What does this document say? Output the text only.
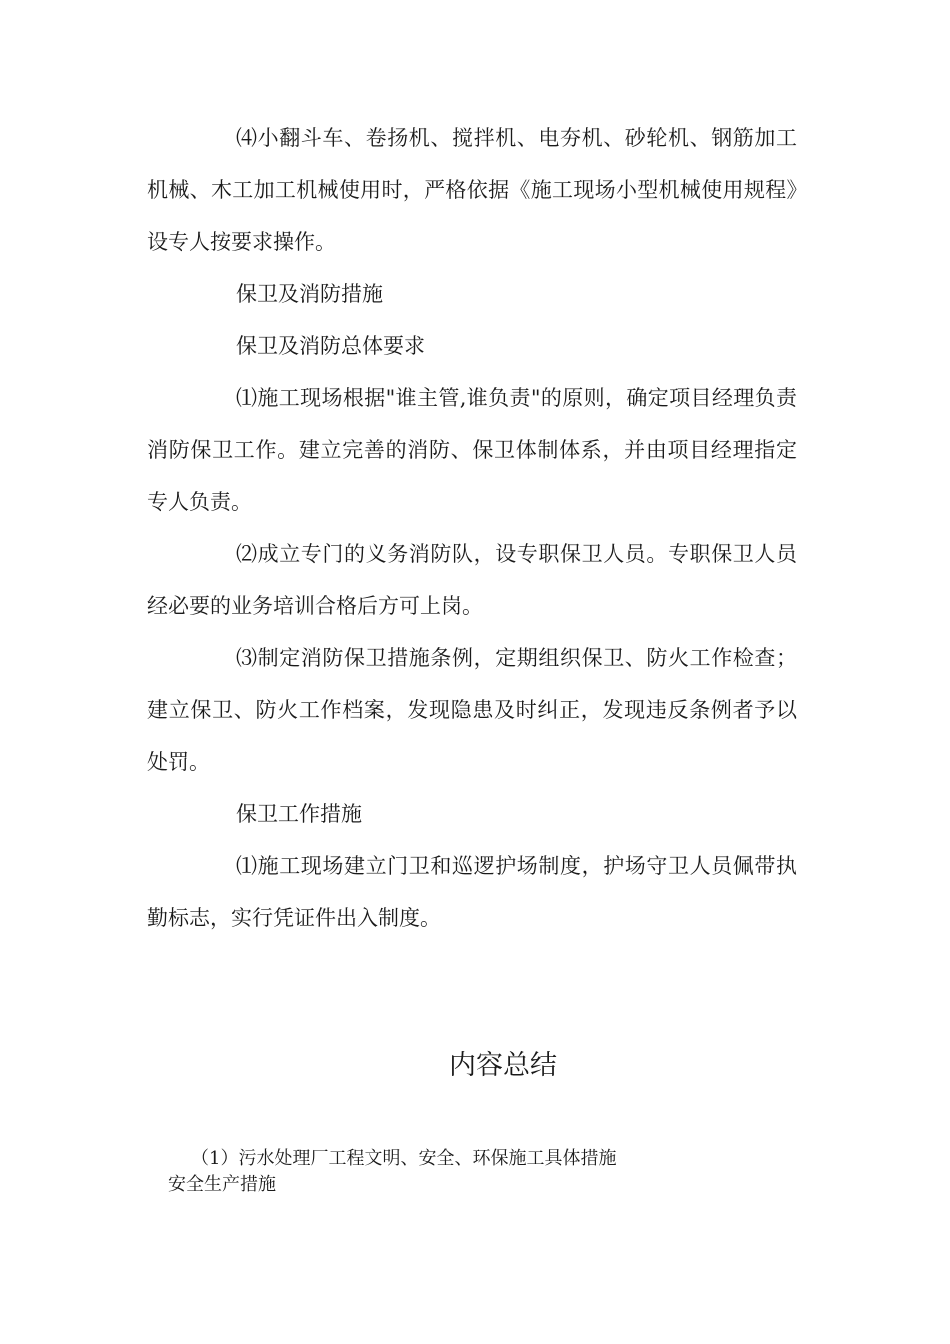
⑷小翻斗车、卷扬机、搅拌机、电夯机、砂轮机、钢筋加工机械、木工加工机械使用时，严格依据《施工现场小型机械使用规程》设专人按要求操作。

保卫及消防措施

保卫及消防总体要求

⑴施工现场根据"谁主管,谁负责"的原则，确定项目经理负责消防保卫工作。建立完善的消防、保卫体制体系，并由项目经理指定专人负责。

⑵成立专门的义务消防队，设专职保卫人员。专职保卫人员经必要的业务培训合格后方可上岗。

⑶制定消防保卫措施条例，定期组织保卫、防火工作检查；建立保卫、防火工作档案，发现隐患及时纠正，发现违反条例者予以处罚。

保卫工作措施

⑴施工现场建立门卫和巡逻护场制度，护场守卫人员佩带执勤标志，实行凭证件出入制度。

内容总结
（1）污水处理厂工程文明、安全、环保施工具体措施
安全生产措施
